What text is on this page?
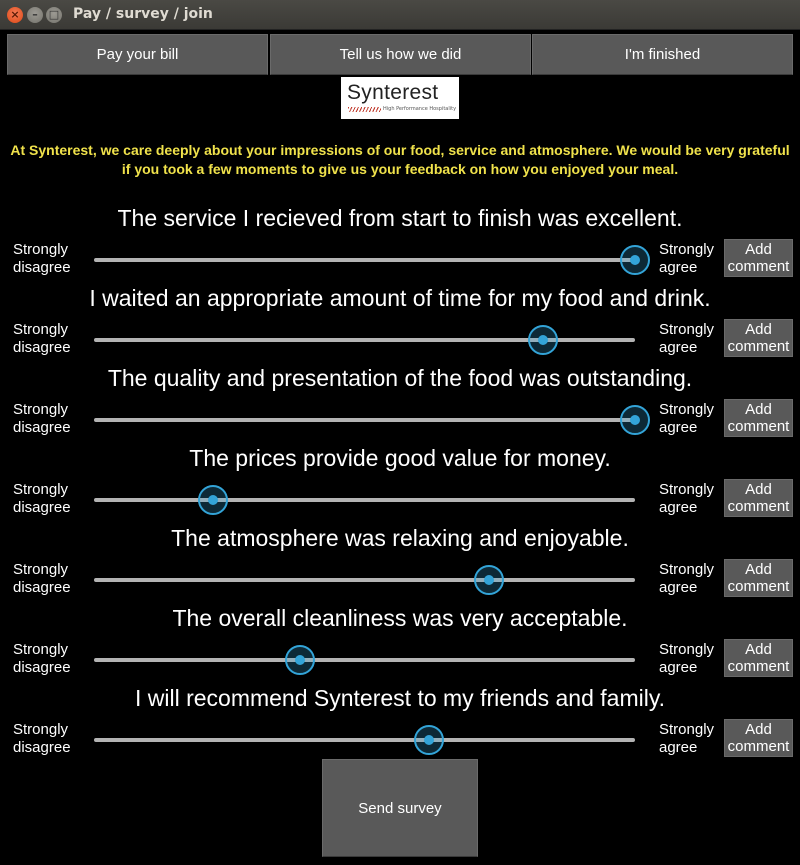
×	–	□ Pay / survey / join
Pay your bill	Tell us how we did	I'm finished
Synterest
High Performance Hospitality
At Synterest, we care deeply about your impressions of our food, service and atmosphere. We would be very grateful if you took a few moments to give us your feedback on how you enjoyed your meal.
The service I recieved from start to finish was excellent.
Strongly disagree
Strongly agree
Add comment
I waited an appropriate amount of time for my food and drink.
Strongly disagree
Strongly agree
Add comment
The quality and presentation of the food was outstanding.
Strongly disagree
Strongly agree
Add comment
The prices provide good value for money.
Strongly disagree
Strongly agree
Add comment
The atmosphere was relaxing and enjoyable.
Strongly disagree
Strongly agree
Add comment
The overall cleanliness was very acceptable.
Strongly disagree
Strongly agree
Add comment
I will recommend Synterest to my friends and family.
Strongly disagree
Strongly agree
Add comment
Send survey
